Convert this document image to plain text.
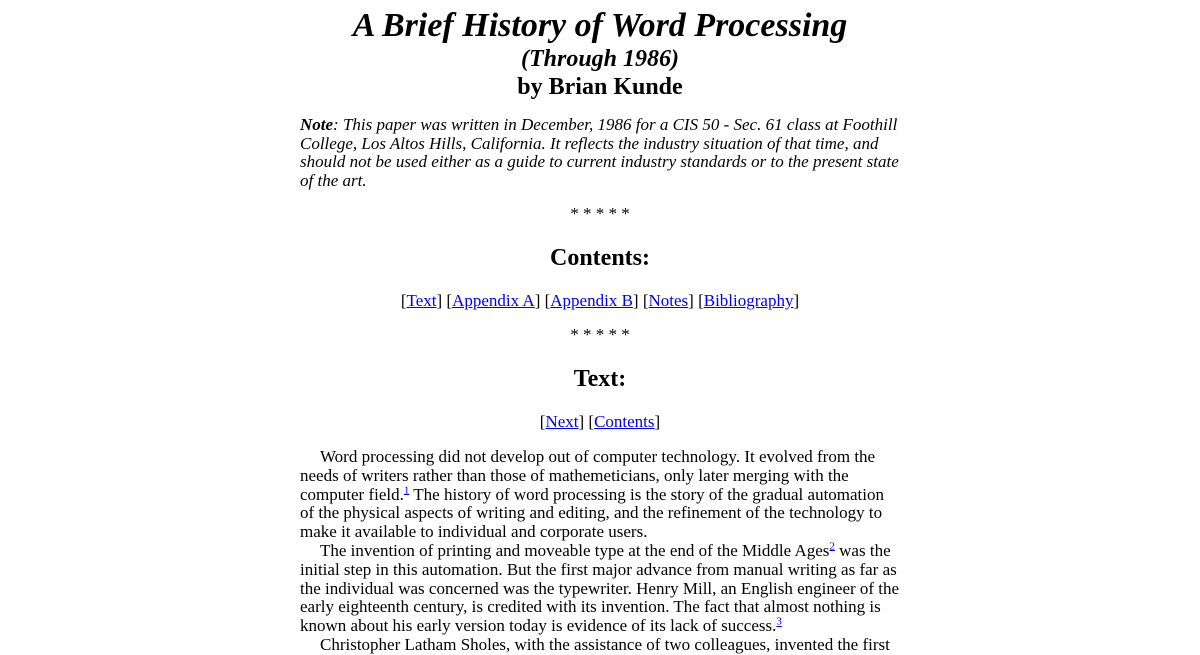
A Brief History of Word Processing
(Through 1986)
by Brian Kunde
Note: This paper was written in December, 1986 for a CIS 50 - Sec. 61 class at Foothill College, Los Altos Hills, California. It reflects the industry situation of that time, and should not be used either as a guide to current industry standards or to the present state of the art.
* * * * *
Contents:
[Text] [Appendix A] [Appendix B] [Notes] [Bibliography]
* * * * *
Text:
[Next] [Contents]

Word processing did not develop out of computer technology. It evolved from the needs of writers rather than those of mathemeticians, only later merging with the computer field.$^1$ The history of word processing is the story of the gradual automation of the physical aspects of writing and editing, and the refinement of the technology to make it available to individual and corporate users.

The invention of printing and moveable type at the end of the Middle Ages$^2$ was the initial step in this automation. But the first major advance from manual writing as far as the individual was concerned was the typewriter. Henry Mill, an English engineer of the early eighteenth century, is credited with its invention. The fact that almost nothing is known about his early version today is evidence of its lack of success.$^3$

Christopher Latham Sholes, with the assistance of two colleagues, invented the first
